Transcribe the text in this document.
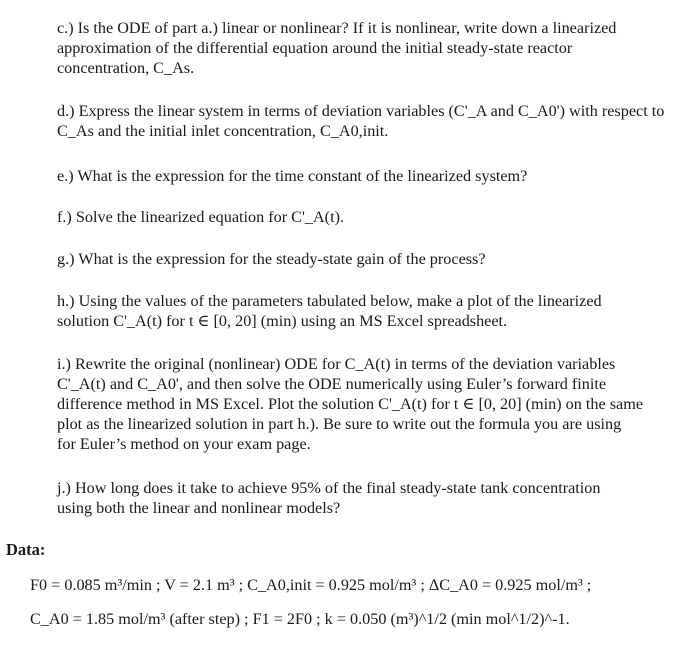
c.) Is the ODE of part a.) linear or nonlinear? If it is nonlinear, write down a linearized

approximation of the differential equation around the initial steady-state reactor

concentration, C_As.

d.) Express the linear system in terms of deviation variables (C'_A and C_A0') with respect to

C_As and the initial inlet concentration, C_A0,init.

e.) What is the expression for the time constant of the linearized system?

f.) Solve the linearized equation for C'_A(t).

g.) What is the expression for the steady-state gain of the process?

h.) Using the values of the parameters tabulated below, make a plot of the linearized

solution C'_A(t) for t ∈ [0, 20] (min) using an MS Excel spreadsheet.

i.) Rewrite the original (nonlinear) ODE for C_A(t) in terms of the deviation variables

C'_A(t) and C_A0', and then solve the ODE numerically using Euler’s forward finite

difference method in MS Excel. Plot the solution C'_A(t) for t ∈ [0, 20] (min) on the same

plot as the linearized solution in part h.). Be sure to write out the formula you are using

for Euler’s method on your exam page.

j.) How long does it take to achieve 95% of the final steady-state tank concentration

using both the linear and nonlinear models?

Data:

F0 = 0.085 m³/min ; V = 2.1 m³ ; C_A0,init = 0.925 mol/m³ ; ΔC_A0 = 0.925 mol/m³ ;

C_A0 = 1.85 mol/m³ (after step) ; F1 = 2F0 ; k = 0.050 (m³)^1/2 (min mol^1/2)^-1.
